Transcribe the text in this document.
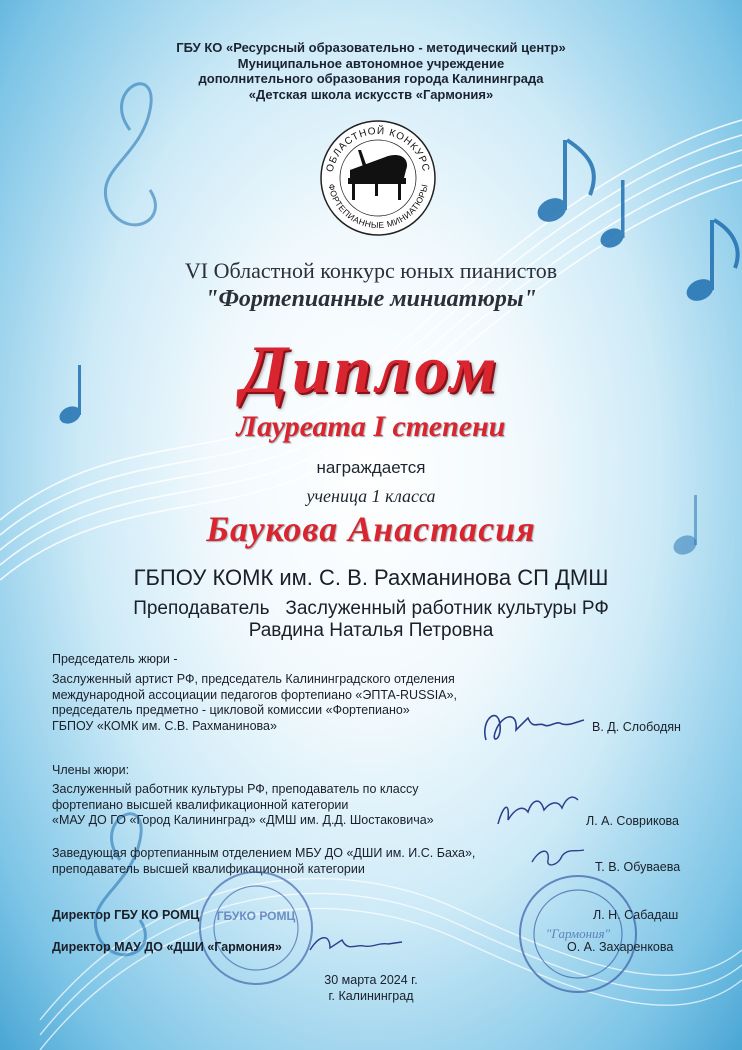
ГБУ КО «Ресурсный образовательно - методический центр»
Муниципальное автономное учреждение
дополнительного образования города Калининграда
«Детская школа искусств «Гармония»
ОБЛАСТНОЙ КОНКУРС
ФОРТЕПИАННЫЕ МИНИАТЮРЫ

VI Областной конкурс юных пианистов

"Фортепианные миниатюры"

Диплом

Лауреата I степени

награждается

ученица 1 класса

Баукова Анастасия

ГБПОУ КОМК им. С. В. Рахманинова СП ДМШ

Преподаватель   Заслуженный работник культуры РФ
Равдина Наталья Петровна

Председатель жюри -

Заслуженный артист РФ, председатель Калининградского отделения
международной ассоциации педагогов фортепиано «ЭПТА-RUSSIA»,
председатель предметно - цикловой комиссии «Фортепиано»
ГБПОУ «КОМК им. С.В. Рахманинова»	В. Д. Слободян

Члены жюри:

Заслуженный работник культуры РФ, преподаватель по классу
фортепиано высшей квалификационной категории
«МАУ ДО ГО «Город Калининград» «ДМШ им. Д.Д. Шостаковича»	Л. А. Соврикова

Заведующая фортепианным отделением МБУ ДО «ДШИ им. И.С. Баха»,
преподаватель высшей квалификационной категории	Т. В. Обуваева

ГБУКО РОМЦ
"Гармония"

Директор ГБУ КО РОМЦ	Л. Н. Сабадаш

Директор МАУ ДО «ДШИ «Гармония»	О. А. Захаренкова

30 марта 2024 г.
г. Калининград
